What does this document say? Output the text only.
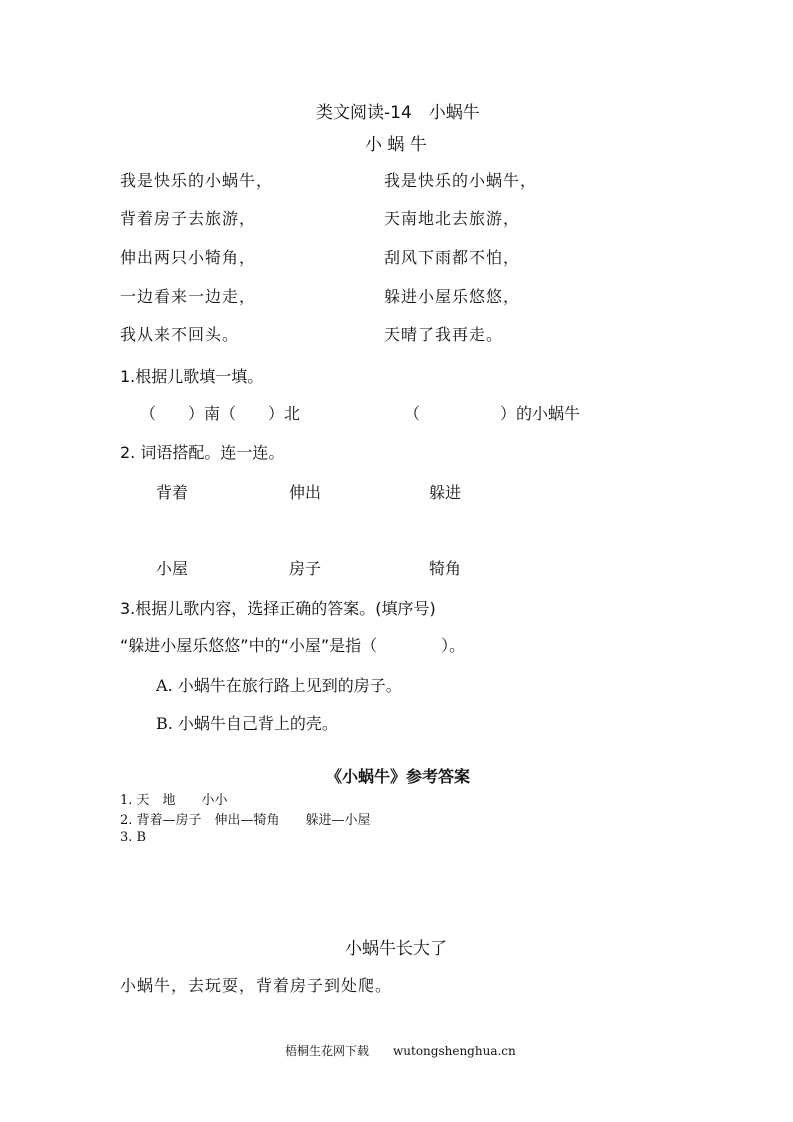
类文阅读-14　小蜗牛
小 蜗 牛
我是快乐的小蜗牛，
背着房子去旅游，
伸出两只小犄角，
一边看来一边走，
我从来不回头。
我是快乐的小蜗牛，
天南地北去旅游，
刮风下雨都不怕，
躲进小屋乐悠悠，
天晴了我再走。
1.根据儿歌填一填。
（　　）南（　　）北	（　　　　　）的小蜗牛
2. 词语搭配。连一连。
背着	伸出	躲进
小屋	房子	犄角
3.根据儿歌内容，选择正确的答案。(填序号)
“躲进小屋乐悠悠”中的“小屋”是指（　　　　）。
A. 小蜗牛在旅行路上见到的房子。
B. 小蜗牛自己背上的壳。
《小蜗牛》参考答案
1. 天　地　　小小
2. 背着—房子　伸出—犄角　　躲进—小屋
3. B
小蜗牛长大了
小蜗牛，去玩耍，背着房子到处爬。
梧桐生花网下载　　wutongshenghua.cn
